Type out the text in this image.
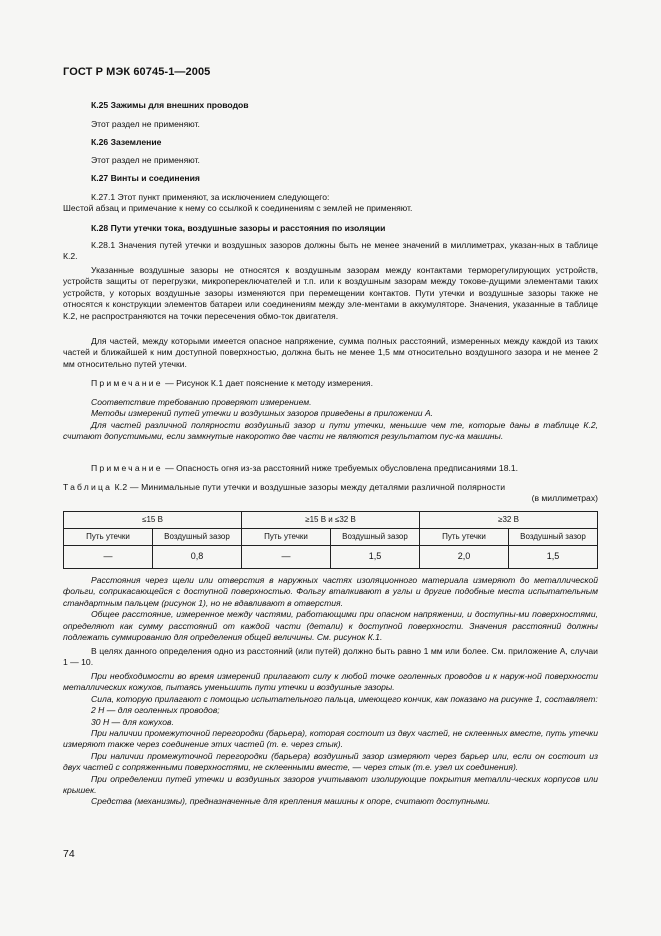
ГОСТ Р МЭК 60745-1—2005

К.25 Зажимы для внешних проводов

Этот раздел не применяют.

К.26 Заземление

Этот раздел не применяют.

К.27 Винты и соединения

К.27.1 Этот пункт применяют, за исключением следующего:

Шестой абзац и примечание к нему со ссылкой к соединениям с землей не применяют.

К.28 Пути утечки тока, воздушные зазоры и расстояния по изоляции

К.28.1 Значения путей утечки и воздушных зазоров должны быть не менее значений в миллиметрах, указан-ных в таблице К.2.

Указанные воздушные зазоры не относятся к воздушным зазорам между контактами терморегулирующих устройств, устройств защиты от перегрузки, микропереключателей и т.п. или к воздушным зазорам между токове-дущими элементами таких устройств, у которых воздушные зазоры изменяются при перемещении контактов. Пути утечки и воздушные зазоры также не относятся к конструкции элементов батареи или соединениям между эле-ментами в аккумуляторе. Значения, указанные в таблице К.2, не распространяются на точки пересечения обмо-ток двигателя.

Для частей, между которыми имеется опасное напряжение, сумма полных расстояний, измеренных между каждой из таких частей и ближайшей к ним доступной поверхностью, должна быть не менее 1,5 мм относительно воздушного зазора и не менее 2 мм относительно путей утечки.

Примечание — Рисунок К.1 дает пояснение к методу измерения.

Соответствие требованию проверяют измерением.

Методы измерений путей утечки и воздушных зазоров приведены в приложении А.

Для частей различной полярности воздушный зазор и пути утечки, меньшие чем те, которые даны в таблице К.2, считают допустимыми, если замкнутые накоротко две части не являются результатом пус-ка машины.

Примечание — Опасность огня из-за расстояний ниже требуемых обусловлена предписаниями 18.1.

Таблица К.2 — Минимальные пути утечки и воздушные зазоры между деталями различной полярности

(в миллиметрах)

≤15 В		≥15 В и ≤32 В		≥32 В	
Путь утечки	Воздушный зазор	Путь утечки	Воздушный зазор	Путь утечки	Воздушный зазор
—	0,8	—	1,5	2,0	1,5

Расстояния через щели или отверстия в наружных частях изоляционного материала измеряют до металлической фольги, соприкасающейся с доступной поверхностью. Фольгу вталкивают в углы и другие подобные места испытательным стандартным пальцем (рисунок 1), но не вдавливают в отверстия.

Общее расстояние, измеренное между частями, работающими при опасном напряжении, и доступны-ми поверхностями, определяют как сумму расстояний от каждой части (детали) к доступной поверхности. Значения расстояний должны подлежать суммированию для определения общей величины. См. рисунок К.1.

В целях данного определения одно из расстояний (или путей) должно быть равно 1 мм или более. См. приложение А, случаи 1 — 10.

При необходимости во время измерений прилагают силу к любой точке оголенных проводов и к наруж-ной поверхности металлических кожухов, пытаясь уменьшить пути утечки и воздушные зазоры.

Сила, которую прилагают с помощью испытательного пальца, имеющего кончик, как показано на рисунке 1, составляет:

2 Н — для оголенных проводов;

30 Н — для кожухов.

При наличии промежуточной перегородки (барьера), которая состоит из двух частей, не склеенных вместе, путь утечки измеряют также через соединение этих частей (т. е. через стык).

При наличии промежуточной перегородки (барьера) воздушный зазор измеряют через барьер или, если он состоит из двух частей с сопряженными поверхностями, не склеенными вместе, — через стык (т.е. узел их соединения).

При определении путей утечки и воздушных зазоров учитывают изолирующие покрытия металли-ческих корпусов или крышек.

Средства (механизмы), предназначенные для крепления машины к опоре, считают доступными.

74
